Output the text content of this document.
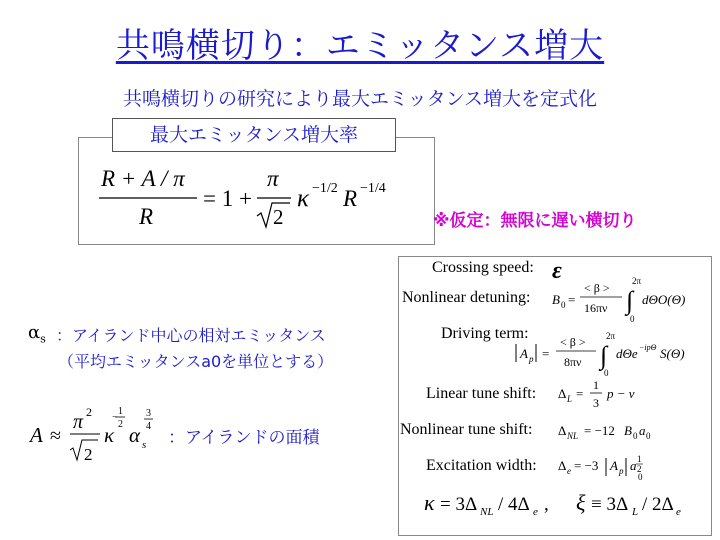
共鳴横切り：エミッタンス増大
共鳴横切りの研究により最大エミッタンス増大を定式化
R + A / π
R
= 1 +
π
2
κ −1/2 R −1/4
最大エミッタンス増大率
※仮定：無限に遅い横切り
$\alpha_s$ ：アイランド中心の相対エミッタンス
（平均エミッタンスa0を単位とする）
A ≈
π 2
2
κ
1
2
−
α s
3
4
：アイランドの面積
Crossing speed: ε
Nonlinear detuning: B 0 =
< β >
16πν ∫
2π
0
dΘO(Θ)
Driving term:
A p =
< β >
8πν ∫
2π
0
dΘe −ipΘ S(Θ)
Linear tune shift: Δ L =
1
3
p − ν
Nonlinear tune shift: Δ NL = −12 B 0 a 0
Excitation width: Δ e = −3 A p a 1
2
0
κ = 3Δ NL / 4Δ e , ξ ≡ 3Δ L / 2Δ e
